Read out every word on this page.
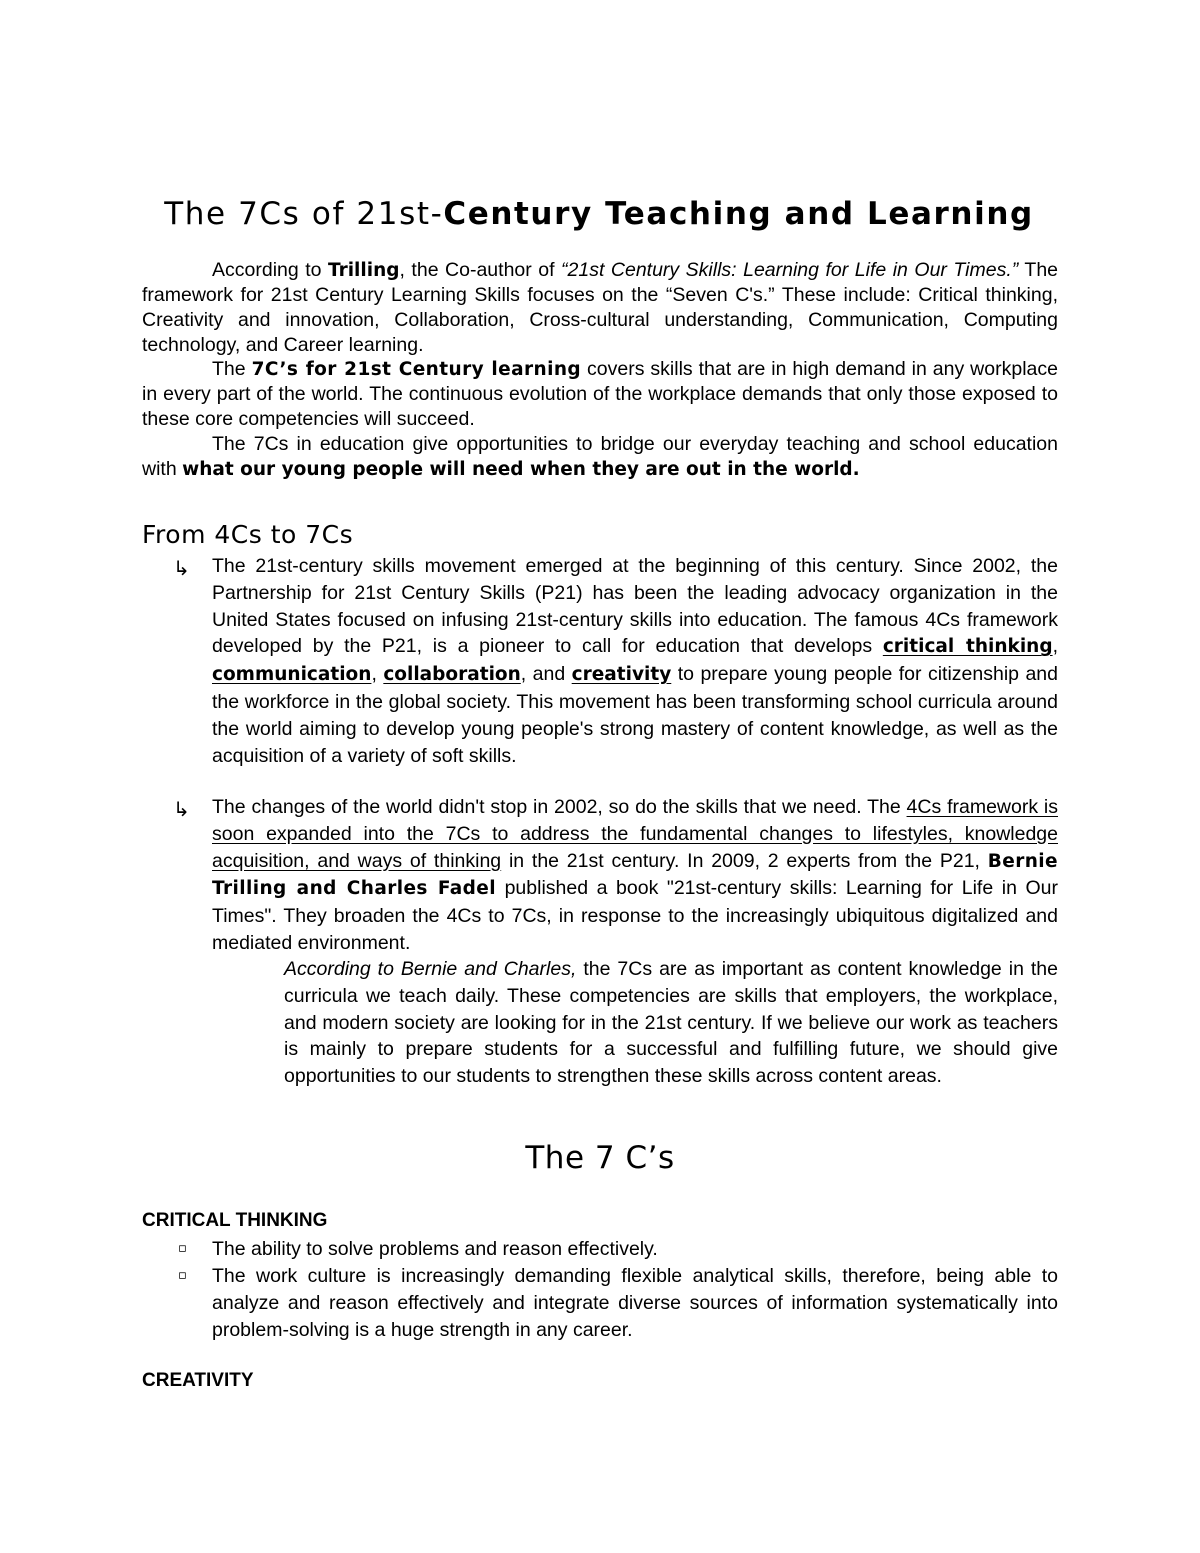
The 7Cs of 21st-Century Teaching and Learning

According to Trilling, the Co-author of “21st Century Skills: Learning for Life in Our Times.” The framework for 21st Century Learning Skills focuses on the “Seven C's.” These include: Critical thinking, Creativity and innovation, Collaboration, Cross-cultural understanding, Communication, Computing technology, and Career learning.

The 7C’s for 21st Century learning covers skills that are in high demand in any workplace in every part of the world. The continuous evolution of the workplace demands that only those exposed to these core competencies will succeed.

The 7Cs in education give opportunities to bridge our everyday teaching and school education with what our young people will need when they are out in the world.

From 4Cs to 7Cs
↳ The 21st-century skills movement emerged at the beginning of this century. Since 2002, the Partnership for 21st Century Skills (P21) has been the leading advocacy organization in the United States focused on infusing 21st-century skills into education. The famous 4Cs framework developed by the P21, is a pioneer to call for education that develops critical thinking, communication, collaboration, and creativity to prepare young people for citizenship and the workforce in the global society. This movement has been transforming school curricula around the world aiming to develop young people's strong mastery of content knowledge, as well as the acquisition of a variety of soft skills.

↳ The changes of the world didn't stop in 2002, so do the skills that we need. The 4Cs framework is soon expanded into the 7Cs to address the fundamental changes to lifestyles, knowledge acquisition, and ways of thinking in the 21st century. In 2009, 2 experts from the P21, Bernie Trilling and Charles Fadel published a book "21st-century skills: Learning for Life in Our Times". They broaden the 4Cs to 7Cs, in response to the increasingly ubiquitous digitalized and mediated environment.

According to Bernie and Charles, the 7Cs are as important as content knowledge in the curricula we teach daily. These competencies are skills that employers, the workplace, and modern society are looking for in the 21st century. If we believe our work as teachers is mainly to prepare students for a successful and fulfilling future, we should give opportunities to our students to strengthen these skills across content areas.

The 7 C’s
CRITICAL THINKING
▫ The ability to solve problems and reason effectively.

▫ The work culture is increasingly demanding flexible analytical skills, therefore, being able to analyze and reason effectively and integrate diverse sources of information systematically into problem-solving is a huge strength in any career.

CREATIVITY
